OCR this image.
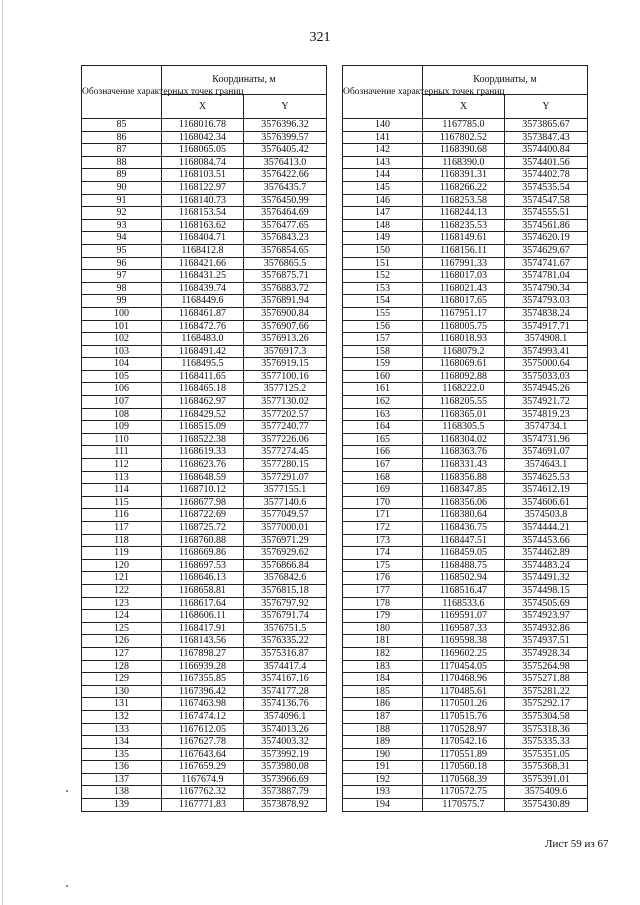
321
Обозначение характерных точек границ	Координаты, м	
	X	Y
85	1168016.78	3576396.32
86	1168042.34	3576399.57
87	1168065.05	3576405.42
88	1168084.74	3576413.0
89	1168103.51	3576422.66
90	1168122.97	3576435.7
91	1168140.73	3576450.99
92	1168153.54	3576464.69
93	1168163.62	3576477.65
94	1168404.71	3576843.23
95	1168412.8	3576854.65
96	1168421.66	3576865.5
97	1168431.25	3576875.71
98	1168439.74	3576883.72
99	1168449.6	3576891.94
100	1168461.87	3576900.84
101	1168472.76	3576907.66
102	1168483.0	3576913.26
103	1168491.42	3576917.3
104	1168495.5	3576919.15
105	1168411.65	3577100.16
106	1168465.18	3577125.2
107	1168462.97	3577130.02
108	1168429.52	3577202.57
109	1168515.09	3577240.77
110	1168522.38	3577226.06
111	1168619.33	3577274.45
112	1168623.76	3577280.15
113	1168648.59	3577291.07
114	1168710.12	3577155.1
115	1168677.98	3577140.6
116	1168722.69	3577049.57
117	1168725.72	3577000.01
118	1168760.88	3576971.29
119	1168669.86	3576929.62
120	1168697.53	3576866.84
121	1168646.13	3576842.6
122	1168658.81	3576815.18
123	1168617.64	3576797.92
124	1168606.11	3576791.74
125	1168417.91	3576751.5
126	1168143.56	3576335.22
127	1167898.27	3575316.87
128	1166939.28	3574417.4
129	1167355.85	3574167.16
130	1167396.42	3574177.28
131	1167463.98	3574136.76
132	1167474.12	3574096.1
133	1167612.05	3574013.26
134	1167627.78	3574003.32
135	1167643.64	3573992.19
136	1167659.29	3573980.08
137	1167674.9	3573966.69
138	1167762.32	3573887.79
139	1167771.83	3573878.92
Обозначение характерных точек границ	Координаты, м	
	X	Y
140	1167785.0	3573865.67
141	1167802.52	3573847.43
142	1168390.68	3574400.84
143	1168390.0	3574401.56
144	1168391.31	3574402.78
145	1168266.22	3574535.54
146	1168253.58	3574547.58
147	1168244.13	3574555.51
148	1168235.53	3574561.86
149	1168149.61	3574620.19
150	1168156.11	3574629.67
151	1167991.33	3574741.67
152	1168017.03	3574781.04
153	1168021.43	3574790.34
154	1168017.65	3574793.03
155	1167951.17	3574838.24
156	1168005.75	3574917.71
157	1168018.93	3574908.1
158	1168079.2	3574993.41
159	1168069.61	3575000.64
160	1168092.88	3575033.03
161	1168222.0	3574945.26
162	1168205.55	3574921.72
163	1168365.01	3574819.23
164	1168305.5	3574734.1
165	1168304.02	3574731.96
166	1168363.76	3574691.07
167	1168331.43	3574643.1
168	1168356.88	3574625.53
169	1168347.85	3574612.19
170	1168356.06	3574606.61
171	1168380.64	3574503.8
172	1168436.75	3574444.21
173	1168447.51	3574453.66
174	1168459.05	3574462.89
175	1168488.75	3574483.24
176	1168502.94	3574491.32
177	1168516.47	3574498.15
178	1168533.6	3574505.69
179	1169591.07	3574923.97
180	1169587.33	3574932.86
181	1169598.38	3574937.51
182	1169602.25	3574928.34
183	1170454.05	3575264.98
184	1170468.96	3575271.88
185	1170485.61	3575281.22
186	1170501.26	3575292.17
187	1170515.76	3575304.58
188	1170528.97	3575318.36
189	1170542.16	3575335.33
190	1170551.89	3575351.05
191	1170560.18	3575368.31
192	1170568.39	3575391.01
193	1170572.75	3575409.6
194	1170575.7	3575430.89
Лист 59 из 67
